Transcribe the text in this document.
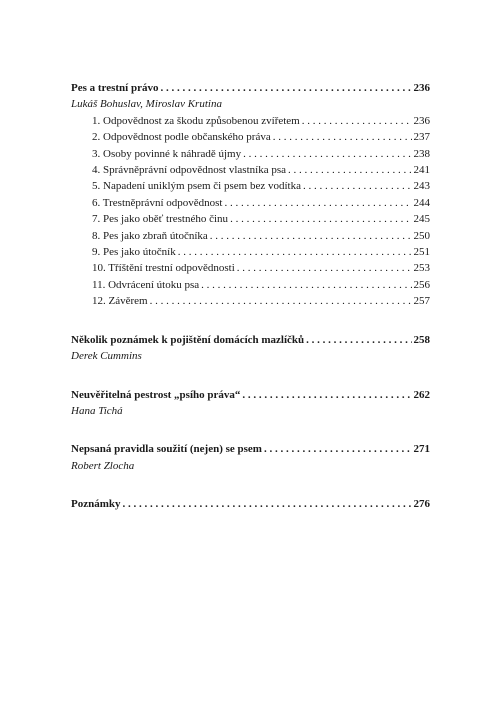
Pes a trestní právo . . .	236
Lukáš Bohuslav, Miroslav Krutina
1. Odpovědnost za škodu způsobenou zvířetem . . .	236
2. Odpovědnost podle občanského práva . . .	237
3. Osoby povinné k náhradě újmy . . .	238
4. Správněprávní odpovědnost vlastníka psa . . .	241
5. Napadení uniklým psem či psem bez vodítka . . .	243
6. Trestněprávní odpovědnost . . .	244
7. Pes jako oběť trestného činu . . .	245
8. Pes jako zbraň útočníka . . .	250
9. Pes jako útočník . . .	251
10. Tříštění trestní odpovědnosti . . .	253
11. Odvrácení útoku psa . . .	256
12. Závěrem . . .	257
Několik poznámek k pojištění domácích mazlíčků . . .	258
Derek Cummins
Neuvěřitelná pestrost „psího práva“ . . .	262
Hana Tichá
Nepsaná pravidla soužití (nejen) se psem . . .	271
Robert Zlocha
Poznámky . . .	276
